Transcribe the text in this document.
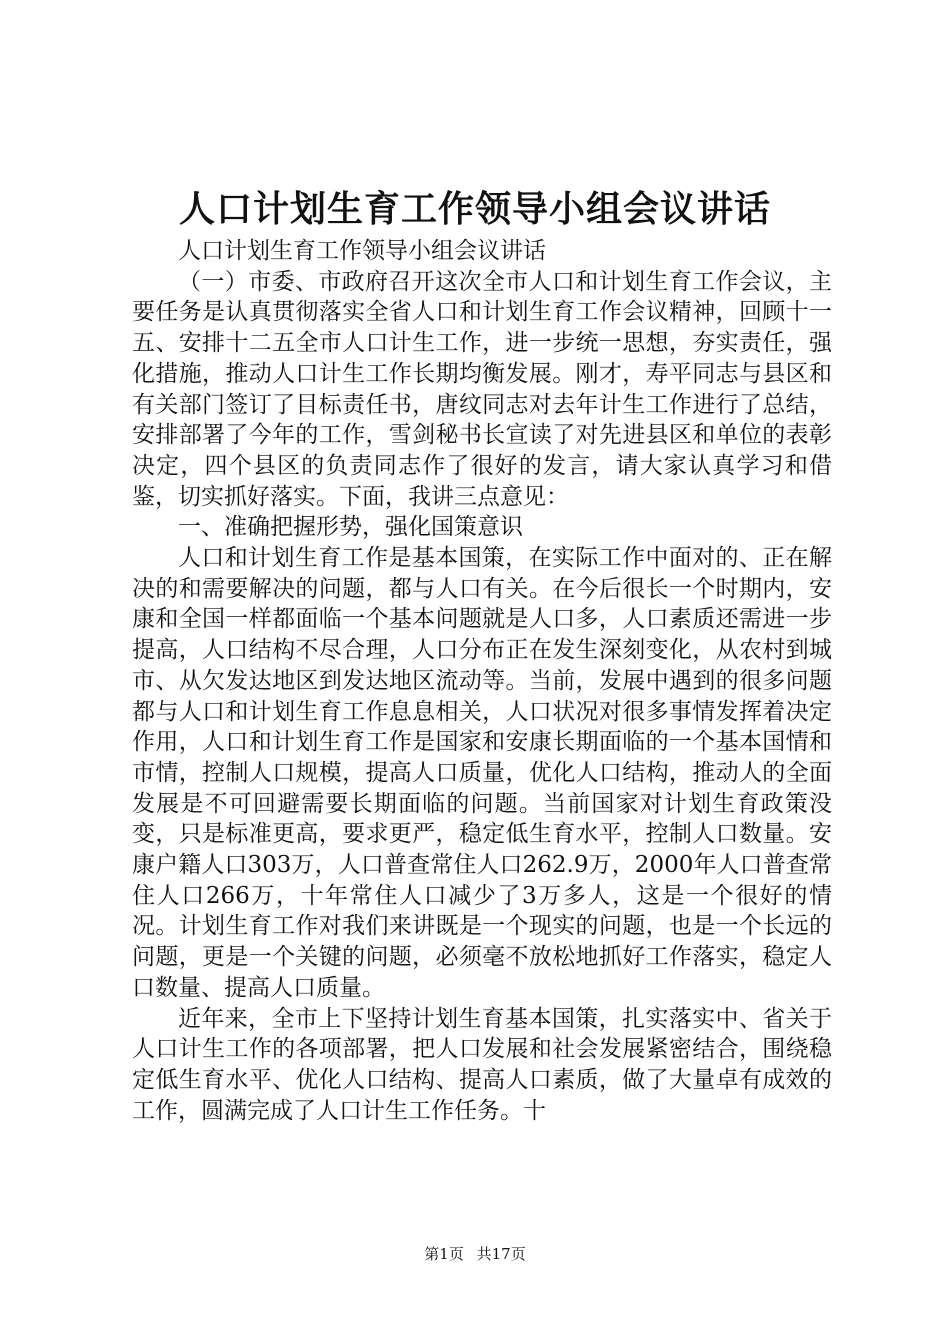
人口计划生育工作领导小组会议讲话

人口计划生育工作领导小组会议讲话

（一）市委、市政府召开这次全市人口和计划生育工作会议，主要任务是认真贯彻落实全省人口和计划生育工作会议精神，回顾十一五、安排十二五全市人口计生工作，进一步统一思想，夯实责任，强化措施，推动人口计生工作长期均衡发展。刚才，寿平同志与县区和有关部门签订了目标责任书，唐纹同志对去年计生工作进行了总结，安排部署了今年的工作，雪剑秘书长宣读了对先进县区和单位的表彰决定，四个县区的负责同志作了很好的发言，请大家认真学习和借鉴，切实抓好落实。下面，我讲三点意见：

一、准确把握形势，强化国策意识

人口和计划生育工作是基本国策，在实际工作中面对的、正在解决的和需要解决的问题，都与人口有关。在今后很长一个时期内，安康和全国一样都面临一个基本问题就是人口多，人口素质还需进一步提高，人口结构不尽合理，人口分布正在发生深刻变化，从农村到城市、从欠发达地区到发达地区流动等。当前，发展中遇到的很多问题都与人口和计划生育工作息息相关，人口状况对很多事情发挥着决定作用，人口和计划生育工作是国家和安康长期面临的一个基本国情和市情，控制人口规模，提高人口质量，优化人口结构，推动人的全面发展是不可回避需要长期面临的问题。当前国家对计划生育政策没变，只是标准更高，要求更严，稳定低生育水平，控制人口数量。安康户籍人口303万，人口普查常住人口262.9万，2000年人口普查常住人口266万，十年常住人口减少了3万多人，这是一个很好的情况。计划生育工作对我们来讲既是一个现实的问题，也是一个长远的问题，更是一个关键的问题，必须毫不放松地抓好工作落实，稳定人口数量、提高人口质量。

近年来，全市上下坚持计划生育基本国策，扎实落实中、省关于人口计生工作的各项部署，把人口发展和社会发展紧密结合，围绕稳定低生育水平、优化人口结构、提高人口素质，做了大量卓有成效的工作，圆满完成了人口计生工作任务。十

第1页 共17页
